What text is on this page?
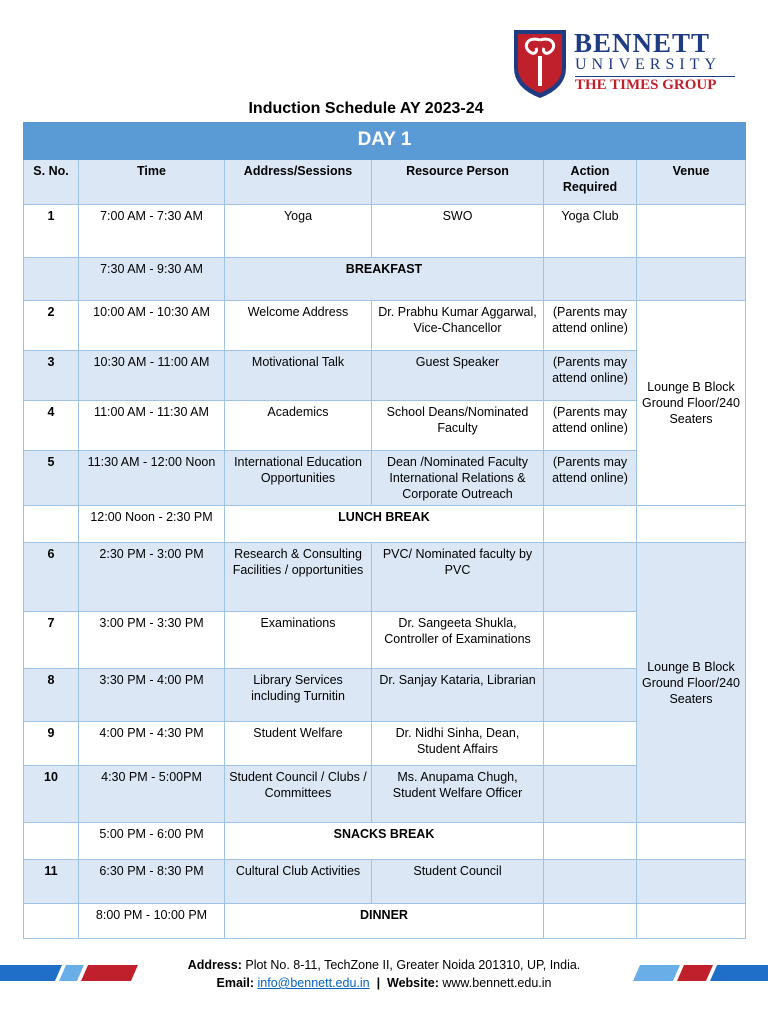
BENNETT
UNIVERSITY
THE TIMES GROUP
Induction Schedule AY 2023-24
DAY 1					
S. No.	Time	Address/Sessions	Resource Person	Action Required	Venue
1	7:00 AM - 7:30 AM	Yoga	SWO	Yoga Club	
	7:30 AM - 9:30 AM	BREAKFAST			
2	10:00 AM - 10:30 AM	Welcome Address	Dr. Prabhu Kumar Aggarwal, Vice-Chancellor	(Parents may attend online)	Lounge B Block Ground Floor/240 Seaters
3	10:30 AM - 11:00 AM	Motivational Talk	Guest Speaker	(Parents may attend online)	
4	11:00 AM - 11:30 AM	Academics	School Deans/Nominated Faculty	(Parents may attend online)	
5	11:30 AM - 12:00 Noon	International Education Opportunities	Dean /Nominated Faculty International Relations & Corporate Outreach	(Parents may attend online)	
	12:00 Noon - 2:30 PM	LUNCH BREAK			
6	2:30 PM - 3:00 PM	Research & Consulting Facilities / opportunities	PVC/ Nominated faculty by PVC		Lounge B Block Ground Floor/240 Seaters
7	3:00 PM - 3:30 PM	Examinations	Dr. Sangeeta Shukla, Controller of Examinations		
8	3:30 PM - 4:00 PM	Library Services including Turnitin	Dr. Sanjay Kataria, Librarian		
9	4:00 PM - 4:30 PM	Student Welfare	Dr. Nidhi Sinha, Dean, Student Affairs		
10	4:30 PM - 5:00PM	Student Council / Clubs / Committees	Ms. Anupama Chugh, Student Welfare Officer		
	5:00 PM - 6:00 PM	SNACKS BREAK			
11	6:30 PM - 8:30 PM	Cultural Club Activities	Student Council		
	8:00 PM - 10:00 PM	DINNER			
Address: Plot No. 8-11, TechZone II, Greater Noida 201310, UP, India.
Email: info@bennett.edu.in | Website: www.bennett.edu.in
